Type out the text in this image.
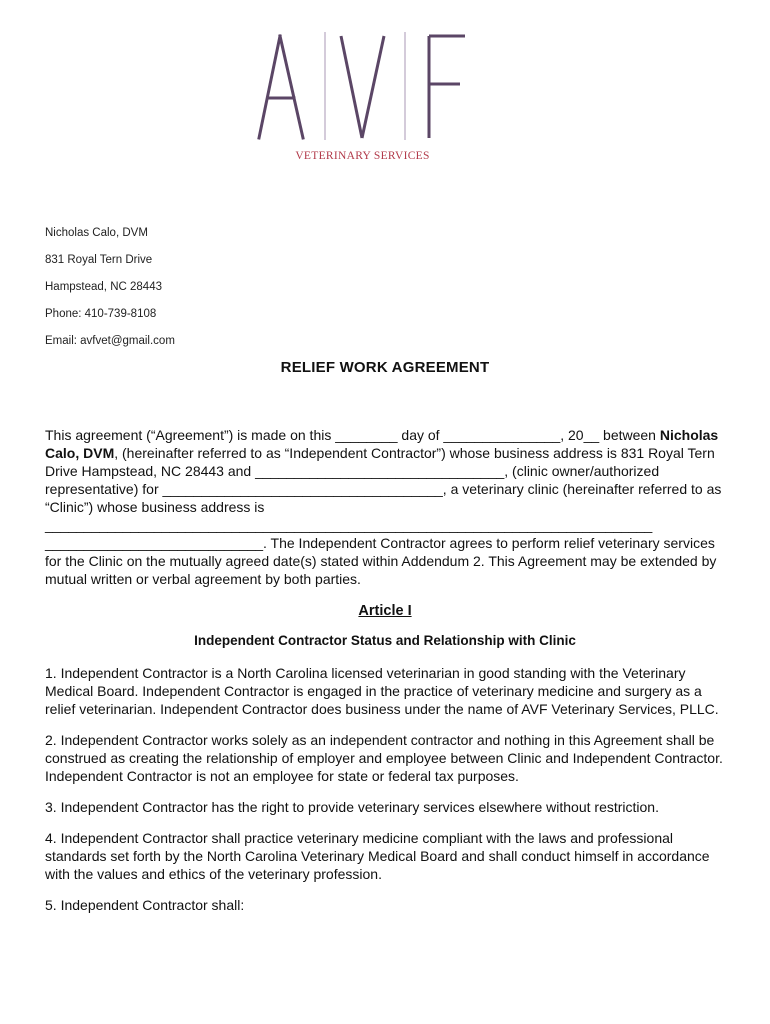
VETERINARY SERVICES
Nicholas Calo, DVM
831 Royal Tern Drive
Hampstead, NC 28443
Phone: 410-739-8108
Email: avfvet@gmail.com
RELIEF WORK AGREEMENT

This agreement (“Agreement”) is made on this ________ day of _______________, 20__ between Nicholas Calo, DVM, (hereinafter referred to as “Independent Contractor”) whose business address is 831 Royal Tern Drive Hampstead, NC 28443 and ________________________________, (clinic owner/authorized representative) for ____________________________________, a veterinary clinic (hereinafter referred to as “Clinic”) whose business address is ______________________________________________________________________________ ____________________________. The Independent Contractor agrees to perform relief veterinary services for the Clinic on the mutually agreed date(s) stated within Addendum 2. This Agreement may be extended by mutual written or verbal agreement by both parties.

Article I
Independent Contractor Status and Relationship with Clinic

1. Independent Contractor is a North Carolina licensed veterinarian in good standing with the Veterinary Medical Board. Independent Contractor is engaged in the practice of veterinary medicine and surgery as a relief veterinarian. Independent Contractor does business under the name of AVF Veterinary Services, PLLC.

2. Independent Contractor works solely as an independent contractor and nothing in this Agreement shall be construed as creating the relationship of employer and employee between Clinic and Independent Contractor. Independent Contractor is not an employee for state or federal tax purposes.

3. Independent Contractor has the right to provide veterinary services elsewhere without restriction.

4. Independent Contractor shall practice veterinary medicine compliant with the laws and professional standards set forth by the North Carolina Veterinary Medical Board and shall conduct himself in accordance with the values and ethics of the veterinary profession.

5. Independent Contractor shall:
